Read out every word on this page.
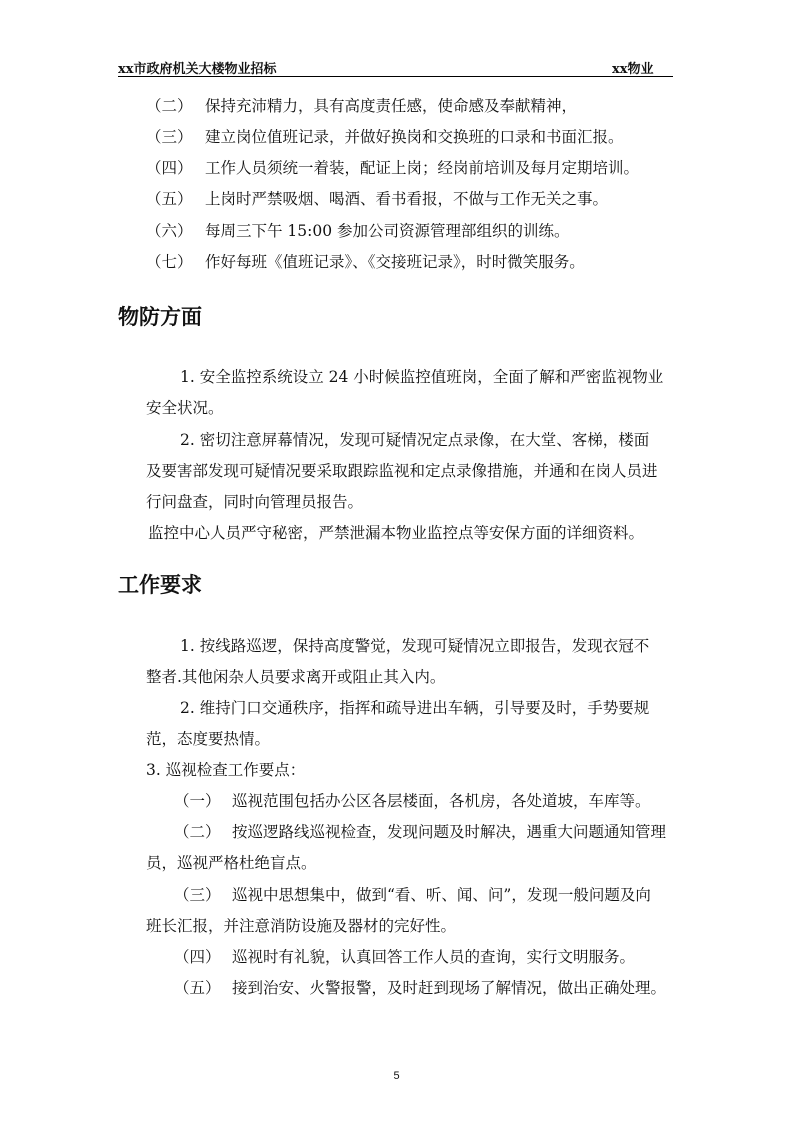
xx市政府机关大楼物业招标	xx物业
（二） 保持充沛精力，具有高度责任感，使命感及奉献精神，
（三） 建立岗位值班记录，并做好换岗和交换班的口录和书面汇报。
（四） 工作人员须统一着装，配证上岗；经岗前培训及每月定期培训。
（五） 上岗时严禁吸烟、喝酒、看书看报，不做与工作无关之事。
（六） 每周三下午 15:00 参加公司资源管理部组织的训练。
（七） 作好每班《值班记录》、《交接班记录》，时时微笑服务。
物防方面
1. 安全监控系统设立 24 小时候监控值班岗，全面了解和严密监视物业
安全状况。
2. 密切注意屏幕情况，发现可疑情况定点录像，在大堂、客梯，楼面
及要害部发现可疑情况要采取跟踪监视和定点录像措施，并通和在岗人员进
行问盘查，同时向管理员报告。
监控中心人员严守秘密，严禁泄漏本物业监控点等安保方面的详细资料。
工作要求
1. 按线路巡逻，保持高度警觉，发现可疑情况立即报告，发现衣冠不
整者.其他闲杂人员要求离开或阻止其入内。
2. 维持门口交通秩序，指挥和疏导进出车辆，引导要及时，手势要规
范，态度要热情。
3. 巡视检查工作要点：
（一） 巡视范围包括办公区各层楼面，各机房，各处道坡，车库等。
（二） 按巡逻路线巡视检查，发现问题及时解决，遇重大问题通知管理
员，巡视严格杜绝盲点。
（三） 巡视中思想集中，做到“看、听、闻、问”，发现一般问题及向
班长汇报，并注意消防设施及器材的完好性。
（四） 巡视时有礼貌，认真回答工作人员的查询，实行文明服务。
（五） 接到治安、火警报警，及时赶到现场了解情况，做出正确处理。
5
